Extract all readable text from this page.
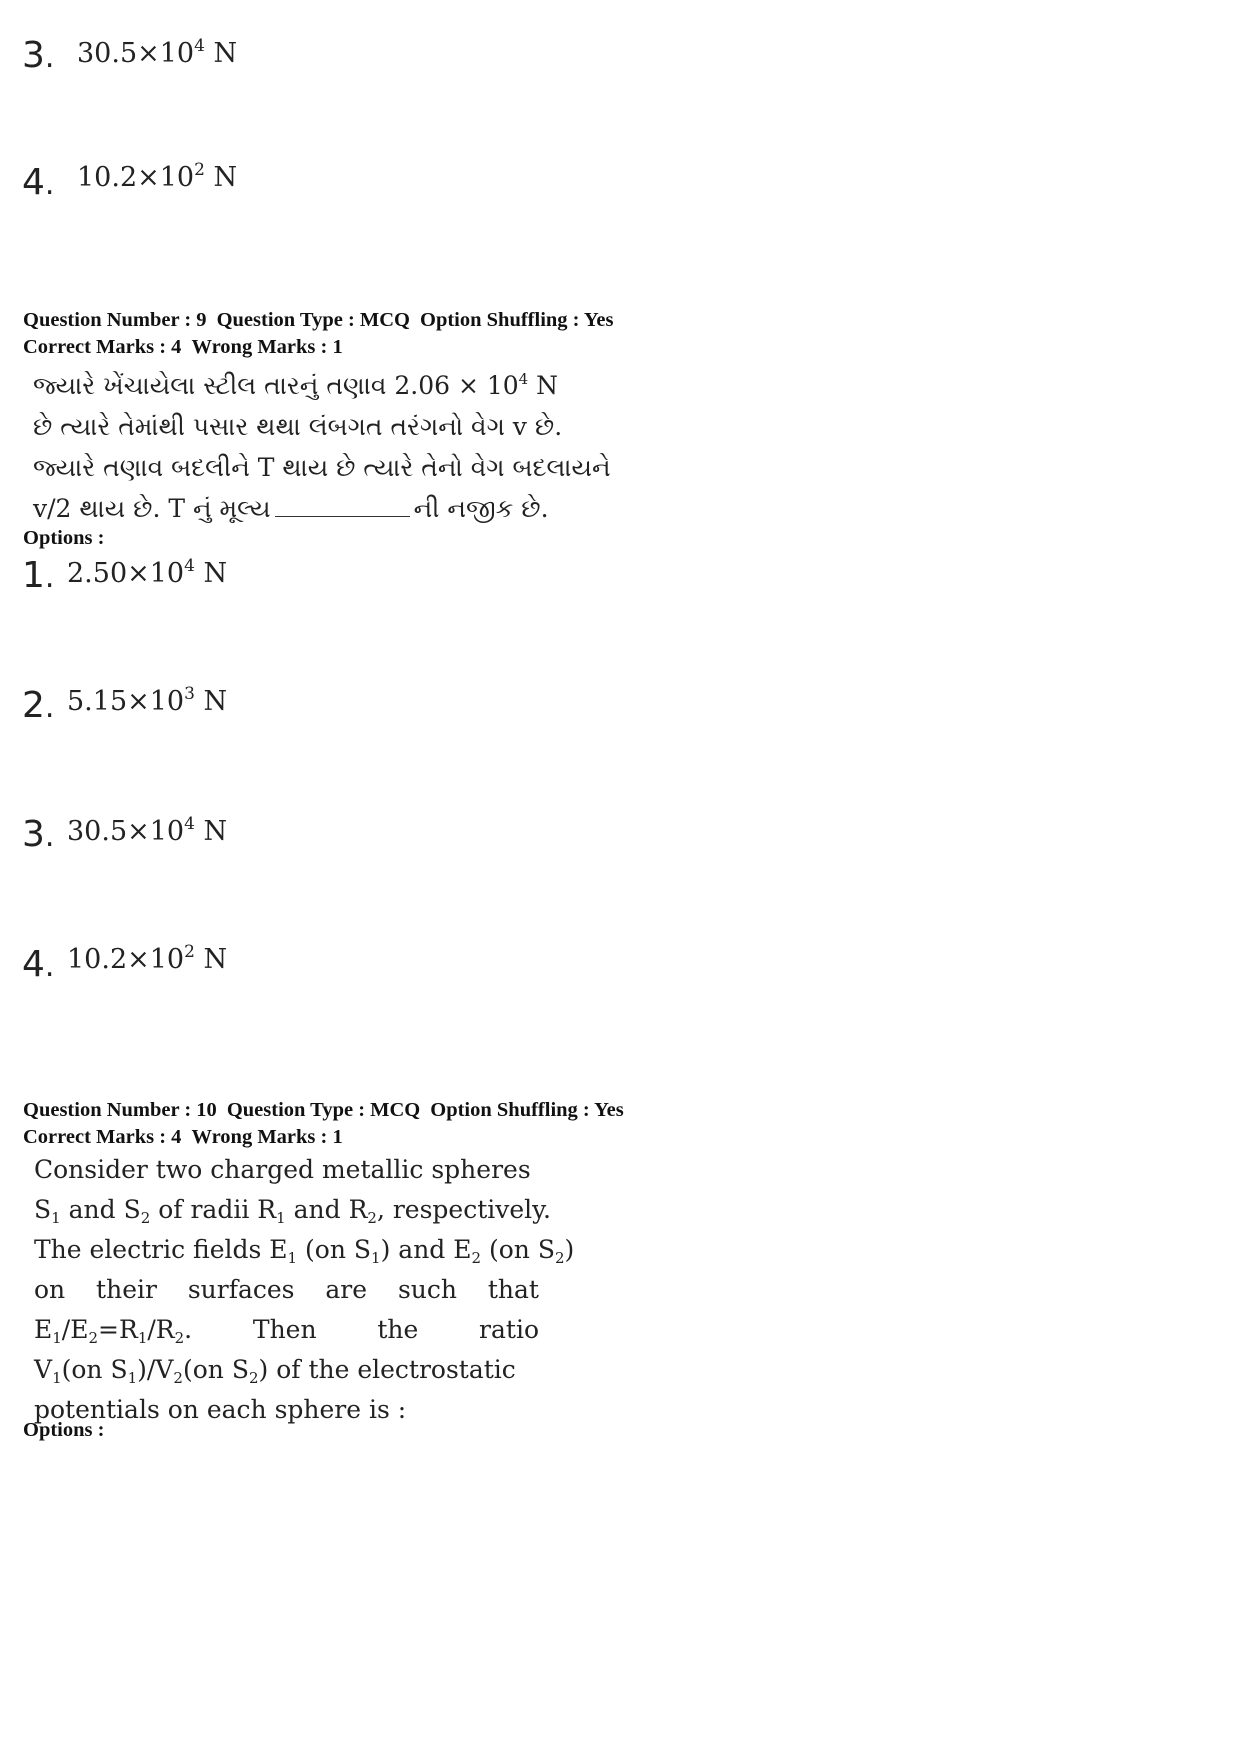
3. $30.5\times 10^4$ N
4. $10.2\times 10^2$ N
Question Number : 9 Question Type : MCQ Option Shuffling : Yes
Correct Marks : 4 Wrong Marks : 1
જ્યારે ખેંચાયેલા સ્ટીલ તારનું તણાવ $2.06 \times 10^4$ N
છે ત્યારે તેમાંથી પસાર થથા લંબગત તરંગનો વેગ v છે.
જ્યારે તણાવ બદલીને T થાય છે ત્યારે તેનો વેગ બદલાયને
v/2 થાય છે. T નું મૂલ્ય	ની નજીક છે.
Options :
1. $2.50\times 10^4$ N
2. $5.15\times 10^3$ N
3. $30.5\times 10^4$ N
4. $10.2\times 10^2$ N
Question Number : 10 Question Type : MCQ Option Shuffling : Yes
Correct Marks : 4 Wrong Marks : 1
Consider two charged metallic spheres
$S_1$ and $S_2$ of radii $R_1$ and $R_2$, respectively.
The electric fields $E_1$ (on $S_1$) and $E_2$ (on $S_2$)
on their surfaces are such that
$E_1/E_2=R_1/R_2$. Then the ratio
$V_1(on$ $S_1)/V_2(on$ $S_2$) of the electrostatic
potentials on each sphere is :
Options :
